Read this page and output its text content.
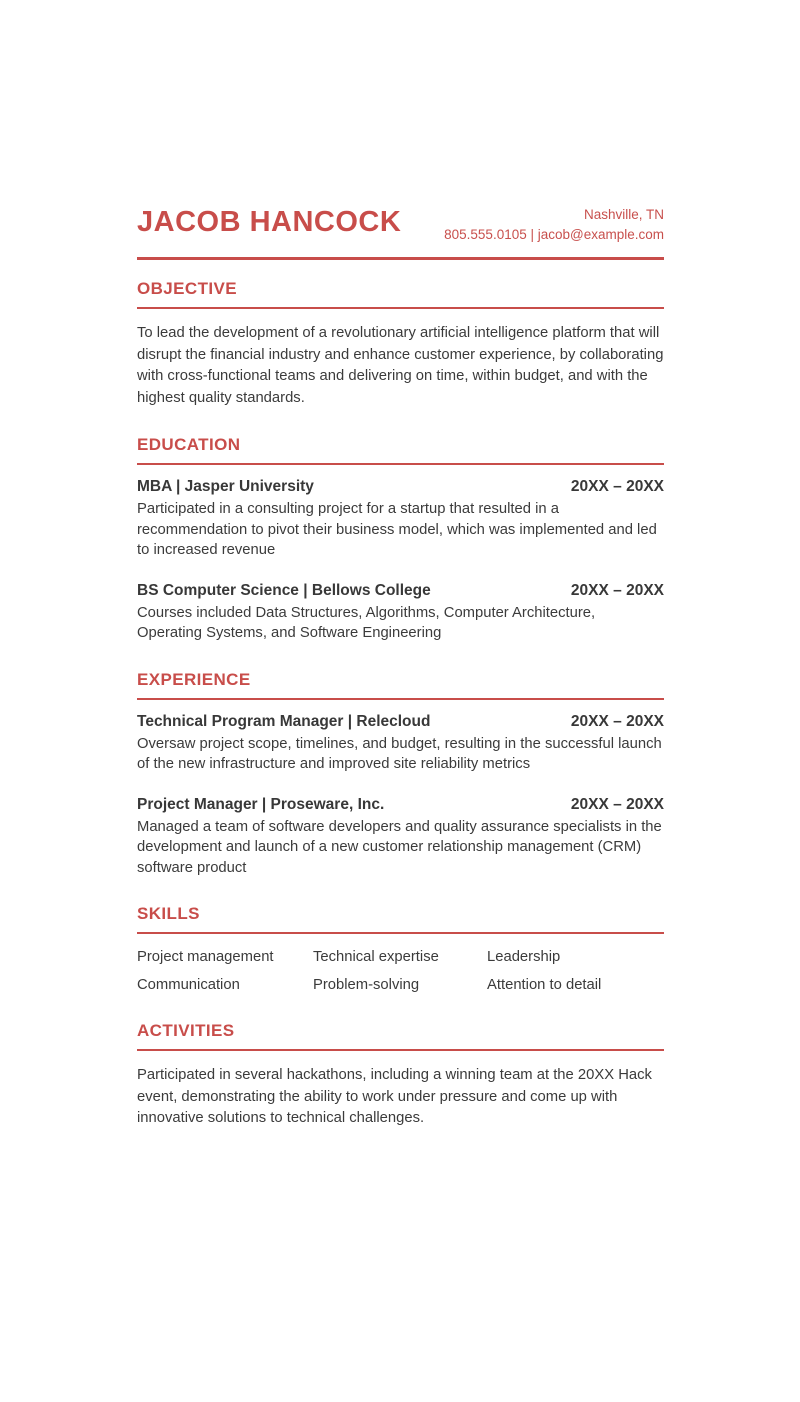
JACOB HANCOCK	Nashville, TN
805.555.0105 | jacob@example.com
OBJECTIVE
To lead the development of a revolutionary artificial intelligence platform that will disrupt the financial industry and enhance customer experience, by collaborating with cross-functional teams and delivering on time, within budget, and with the highest quality standards.
EDUCATION
MBA | Jasper University	20XX – 20XX
Participated in a consulting project for a startup that resulted in a recommendation to pivot their business model, which was implemented and led to increased revenue
BS Computer Science | Bellows College	20XX – 20XX
Courses included Data Structures, Algorithms, Computer Architecture, Operating Systems, and Software Engineering
EXPERIENCE
Technical Program Manager | Relecloud	20XX – 20XX
Oversaw project scope, timelines, and budget, resulting in the successful launch of the new infrastructure and improved site reliability metrics
Project Manager | Proseware, Inc.	20XX – 20XX
Managed a team of software developers and quality assurance specialists in the development and launch of a new customer relationship management (CRM) software product
SKILLS
Project management	Technical expertise	Leadership
Communication	Problem-solving	Attention to detail
ACTIVITIES
Participated in several hackathons, including a winning team at the 20XX Hack event, demonstrating the ability to work under pressure and come up with innovative solutions to technical challenges.
